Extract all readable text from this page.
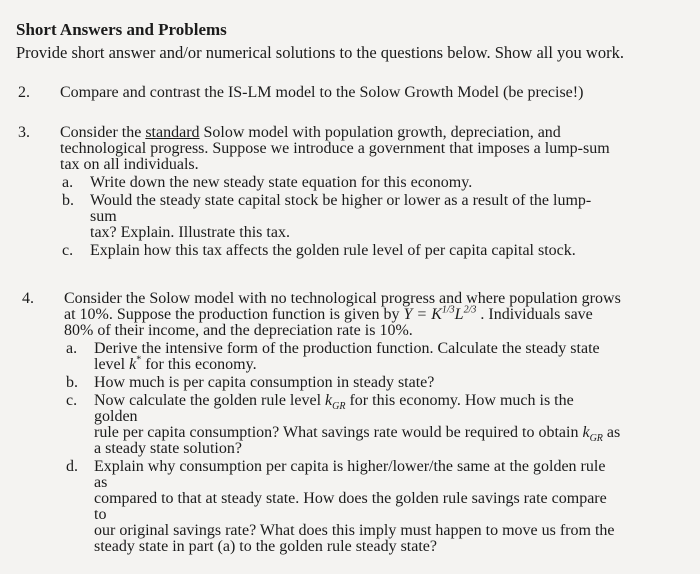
Short Answers and Problems
Provide short answer and/or numerical solutions to the questions below. Show all you work.
2. Compare and contrast the IS-LM model to the Solow Growth Model (be precise!)
3. Consider the standard Solow model with population growth, depreciation, and
technological progress. Suppose we introduce a government that imposes a lump-sum
tax on all individuals.
a. Write down the new steady state equation for this economy.
b. Would the steady state capital stock be higher or lower as a result of the lump-sum
tax? Explain. Illustrate this tax.
c. Explain how this tax affects the golden rule level of per capita capital stock.
4. Consider the Solow model with no technological progress and where population grows
at 10%. Suppose the production function is given by $Y = K^{1/3}L^{2/3}$ . Individuals save
80% of their income, and the depreciation rate is 10%.
a. Derive the intensive form of the production function. Calculate the steady state
level k* for this economy.
b. How much is per capita consumption in steady state?
c. Now calculate the golden rule level $k_{GR}$ for this economy. How much is the golden
rule per capita consumption? What savings rate would be required to obtain $k_{GR}$ as
a steady state solution?
d. Explain why consumption per capita is higher/lower/the same at the golden rule as
compared to that at steady state. How does the golden rule savings rate compare to
our original savings rate? What does this imply must happen to move us from the
steady state in part (a) to the golden rule steady state?
